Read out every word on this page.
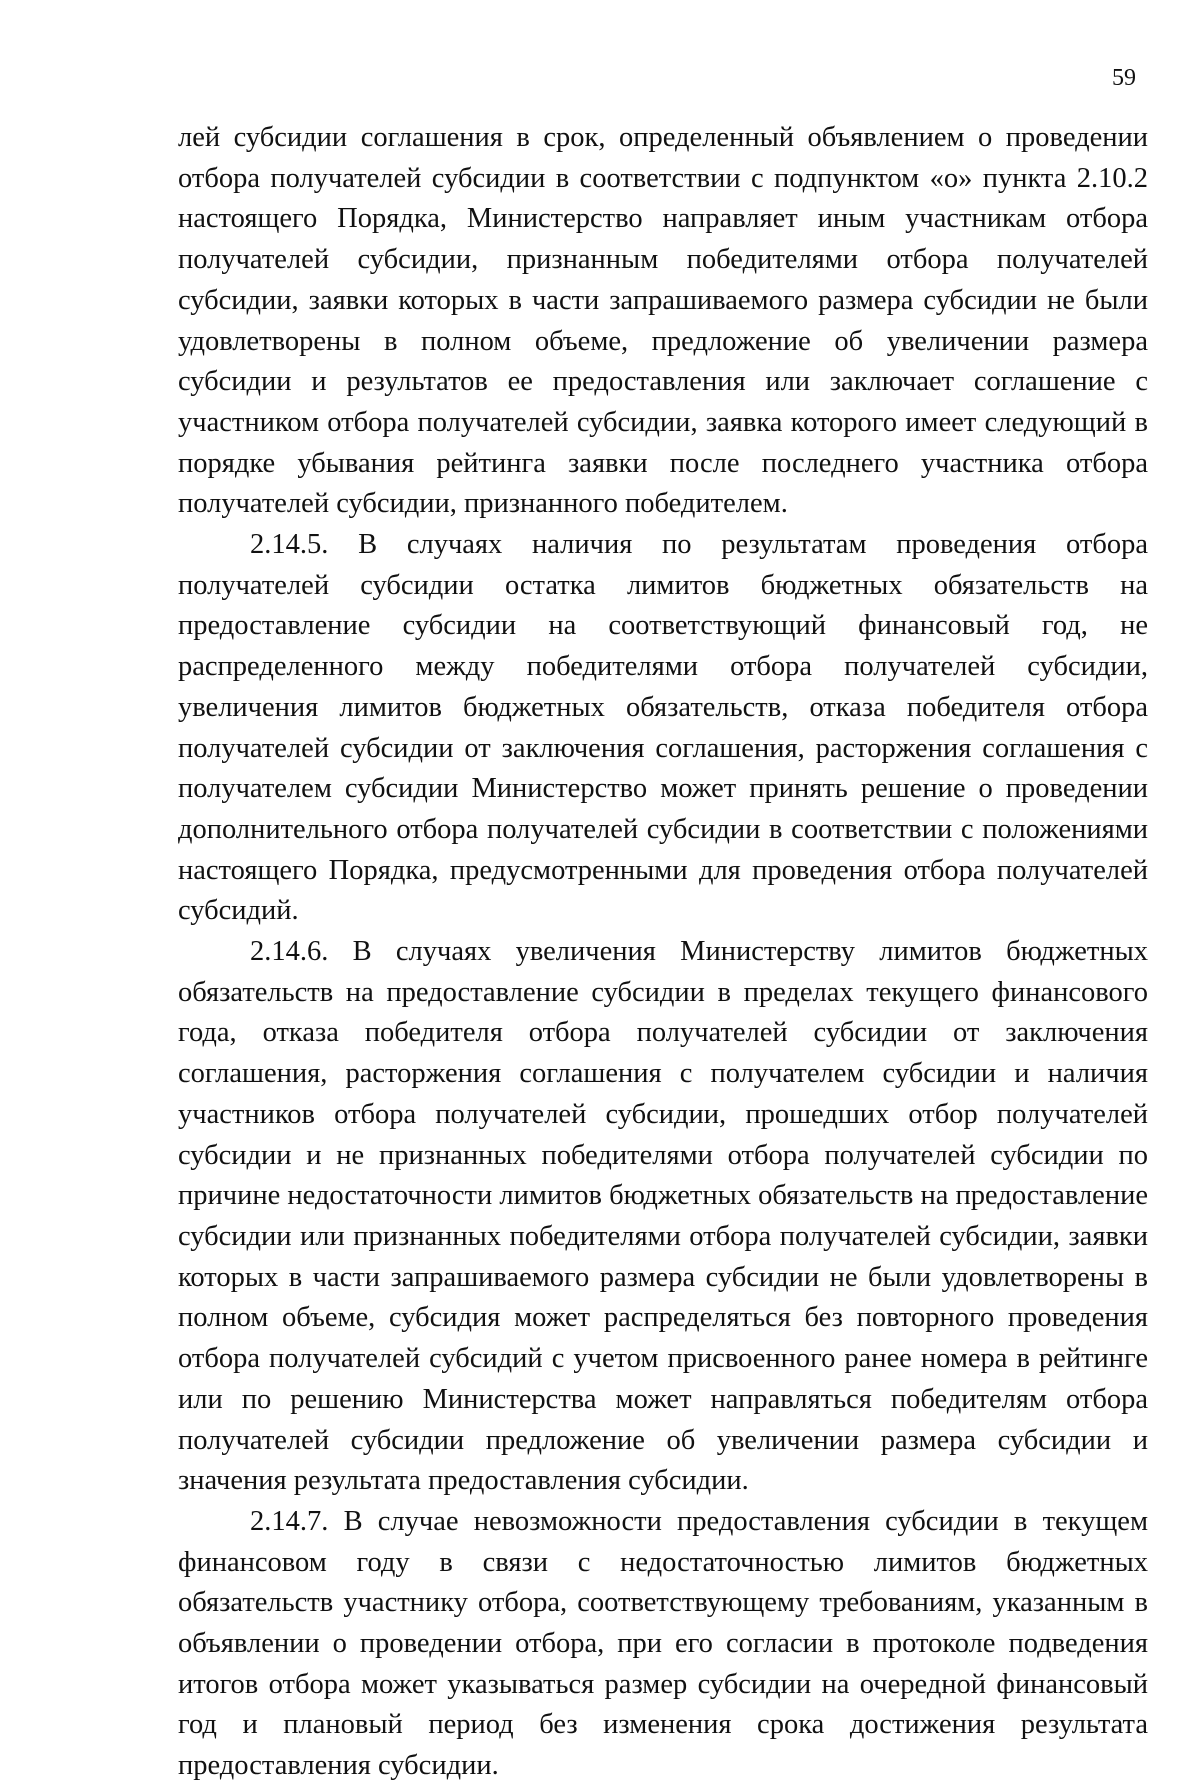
59

лей субсидии соглашения в срок, определенный объявлением о проведении отбора получателей субсидии в соответствии с подпунктом «о» пункта 2.10.2 настоящего Порядка, Министерство направляет иным участникам отбора получателей субсидии, признанным победителями отбора получателей субсидии, заявки которых в части запрашиваемого размера субсидии не были удовлетворены в полном объеме, предложение об увеличении размера субсидии и результатов ее предоставления или заключает соглашение с участником отбора получателей субсидии, заявка которого имеет следующий в порядке убывания рейтинга заявки после последнего участника отбора получателей субсидии, признанного победителем.

2.14.5. В случаях наличия по результатам проведения отбора получателей субсидии остатка лимитов бюджетных обязательств на предоставление субсидии на соответствующий финансовый год, не распределенного между победителями отбора получателей субсидии, увеличения лимитов бюджетных обязательств, отказа победителя отбора получателей субсидии от заключения соглашения, расторжения соглашения с получателем субсидии Министерство может принять решение о проведении дополнительного отбора получателей субсидии в соответствии с положениями настоящего Порядка, предусмотренными для проведения отбора получателей субсидий.

2.14.6. В случаях увеличения Министерству лимитов бюджетных обязательств на предоставление субсидии в пределах текущего финансового года, отказа победителя отбора получателей субсидии от заключения соглашения, расторжения соглашения с получателем субсидии и наличия участников отбора получателей субсидии, прошедших отбор получателей субсидии и не признанных победителями отбора получателей субсидии по причине недостаточности лимитов бюджетных обязательств на предоставление субсидии или признанных победителями отбора получателей субсидии, заявки которых в части запрашиваемого размера субсидии не были удовлетворены в полном объеме, субсидия может распределяться без повторного проведения отбора получателей субсидий с учетом присвоенного ранее номера в рейтинге или по решению Министерства может направляться победителям отбора получателей субсидии предложение об увеличении размера субсидии и значения результата предоставления субсидии.

2.14.7. В случае невозможности предоставления субсидии в текущем финансовом году в связи с недостаточностью лимитов бюджетных обязательств участнику отбора, соответствующему требованиям, указанным в объявлении о проведении отбора, при его согласии в протоколе подведения итогов отбора может указываться размер субсидии на очередной финансовый год и плановый период без изменения срока достижения результата предоставления субсидии.
